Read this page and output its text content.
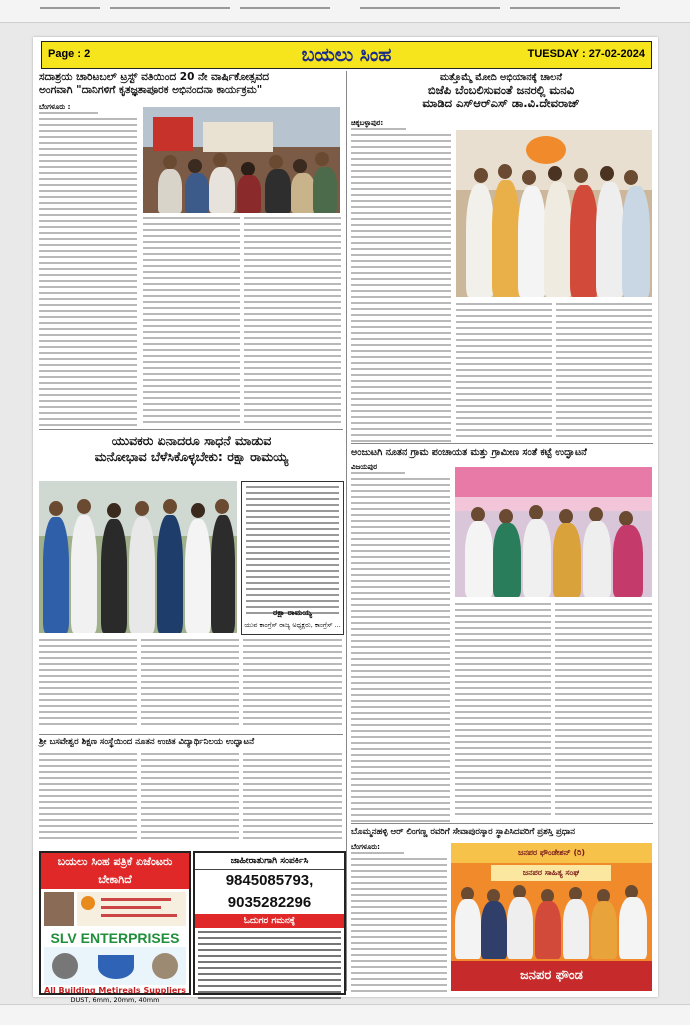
Page : 2	ಬಯಲು ಸಿಂಹ	TUESDAY : 27-02-2024
ಸದಾಶ್ರಯ ಚಾರಿಟಬಲ್ ಟ್ರಸ್ಟ್ ವತಿಯಿಂದ 20 ನೇ ವಾರ್ಷಿಕೋತ್ಸವದ
ಅಂಗವಾಗಿ "ದಾನಿಗಳಿಗೆ ಕೃತಜ್ಞತಾಪೂರಕ ಅಭಿನಂದನಾ ಕಾರ್ಯಕ್ರಮ"
ಬೆಂಗಳೂರು :
ಮತ್ತೊಮ್ಮೆ ಮೋದಿ ಅಭಿಯಾನಕ್ಕೆ ಚಾಲನೆ
ಬಿಜೆಪಿ ಬೆಂಬಲಿಸುವಂತೆ ಜನರಲ್ಲಿ ಮನವಿ
ಮಾಡಿದ ಎಸ್‌ಆರ್‌ಎಸ್ ಡಾ.ವಿ.ದೇವರಾಜ್
ಚಿಕ್ಕಬಳ್ಳಾಪುರ:
ಯುವಕರು ಏನಾದರೂ ಸಾಧನೆ ಮಾಡುವ
ಮನೋಭಾವ ಬೆಳೆಸಿಕೊಳ್ಳಬೇಕು: ರಕ್ಷಾ ರಾಮಯ್ಯ
ರಕ್ಷಾ ರಾಮಯ್ಯ
ಯುವ ಕಾಂಗ್ರೆಸ್ ರಾಜ್ಯ ಅಧ್ಯಕ್ಷರು, ಕಾಂಗ್ರೆಸ್ ...
ಶ್ರೀ ಬಸವೇಶ್ವರ ಶಿಕ್ಷಣ ಸಂಸ್ಥೆಯಿಂದ ನೂತನ ಉಚಿತ ವಿದ್ಯಾರ್ಥಿನಿಲಯ ಉದ್ಘಾಟನೆ
ಬಯಲು ಸಿಂಹ ಪತ್ರಿಕೆ ಏಜೆಂಟರು ಬೇಕಾಗಿದೆ
SLV ENTERPRISES
All Building Metireals Suppliers
DUST, 6mm, 20mm, 40mm
ಜಾಹೀರಾತುಗಾಗಿ ಸಂಪರ್ಕಿಸಿ
9845085793, 9035282296
ಓದುಗರ ಗಮನಕ್ಕೆ
ಅಂಜುಟಗಿ ನೂತನ ಗ್ರಾಮ ಪಂಚಾಯತ ಮತ್ತು ಗ್ರಾಮೀಣ ಸಂತೆ ಕಟ್ಟೆ ಉದ್ಘಾಟನೆ
ವಿಜಯಪುರ
ಬೊಮ್ಮನಹಳ್ಳಿ ಆರ್ ಲಿಂಗಣ್ಣ ರವರಿಗೆ ಸೇವಾಪುರಸ್ಕಾರ ಸ್ಥಾಪಿಸಿದವರಿಗೆ ಪ್ರಶಸ್ತಿ ಪ್ರಧಾನ
ಬೆಂಗಳೂರು:
ಜನಪರ ಫೌಂಡೇಶನ್ (ರಿ)
ಜನಪರ ಸಾಹಿತ್ಯ ಸಂಘ
ಜನಪರ ಫೌಂಡ
